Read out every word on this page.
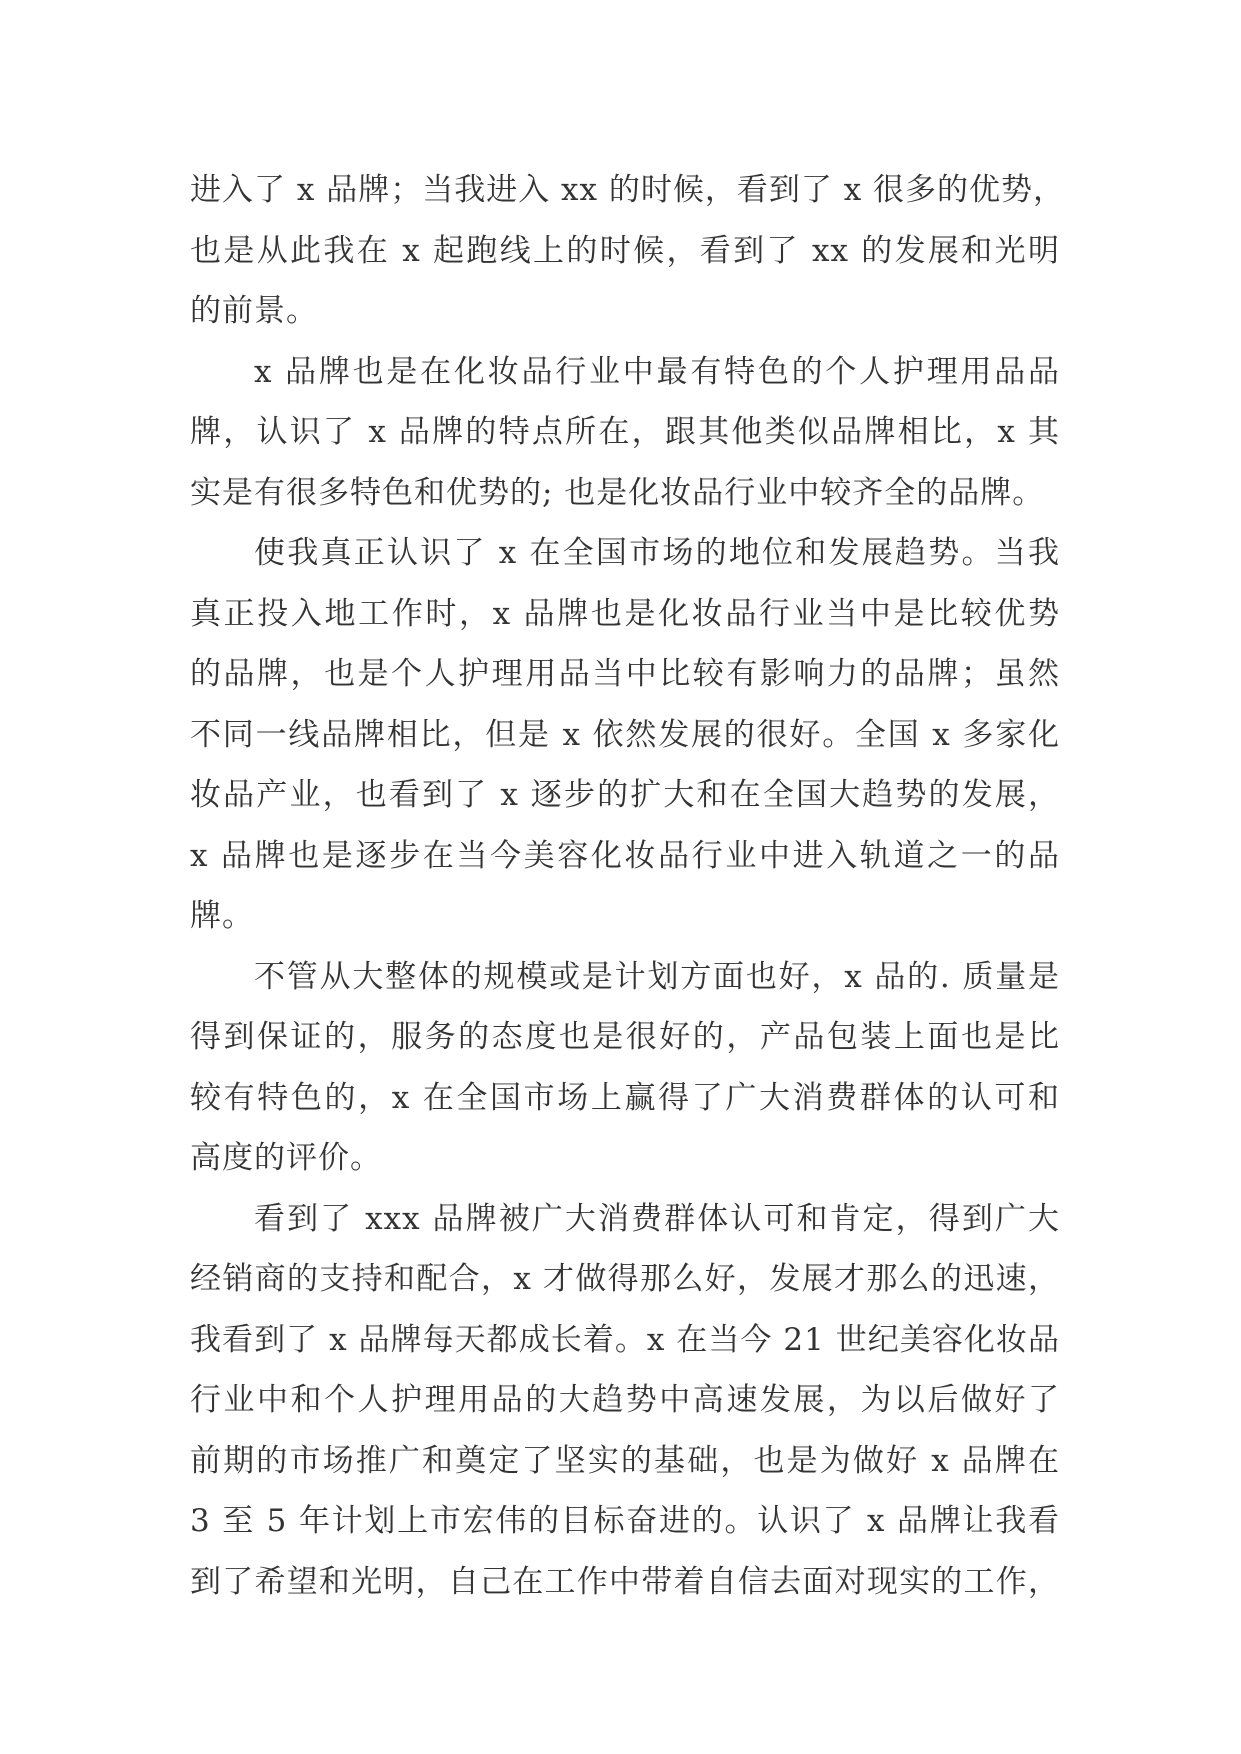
进入了 x 品牌；当我进入 xx 的时候，看到了 x 很多的优势，
也是从此我在 x 起跑线上的时候，看到了 xx 的发展和光明
的前景。
x 品牌也是在化妆品行业中最有特色的个人护理用品品
牌，认识了 x 品牌的特点所在，跟其他类似品牌相比，x 其
实是有很多特色和优势的; 也是化妆品行业中较齐全的品牌。
使我真正认识了 x 在全国市场的地位和发展趋势。当我
真正投入地工作时，x 品牌也是化妆品行业当中是比较优势
的品牌，也是个人护理用品当中比较有影响力的品牌；虽然
不同一线品牌相比，但是 x 依然发展的很好。全国 x 多家化
妆品产业，也看到了 x 逐步的扩大和在全国大趋势的发展，
x 品牌也是逐步在当今美容化妆品行业中进入轨道之一的品
牌。
不管从大整体的规模或是计划方面也好，x 品的. 质量是
得到保证的，服务的态度也是很好的，产品包装上面也是比
较有特色的，x 在全国市场上赢得了广大消费群体的认可和
高度的评价。
看到了 xxx 品牌被广大消费群体认可和肯定，得到广大
经销商的支持和配合，x 才做得那么好，发展才那么的迅速，
我看到了 x 品牌每天都成长着。x 在当今 21 世纪美容化妆品
行业中和个人护理用品的大趋势中高速发展，为以后做好了
前期的市场推广和奠定了坚实的基础，也是为做好 x 品牌在
3 至 5 年计划上市宏伟的目标奋进的。认识了 x 品牌让我看
到了希望和光明，自己在工作中带着自信去面对现实的工作，
